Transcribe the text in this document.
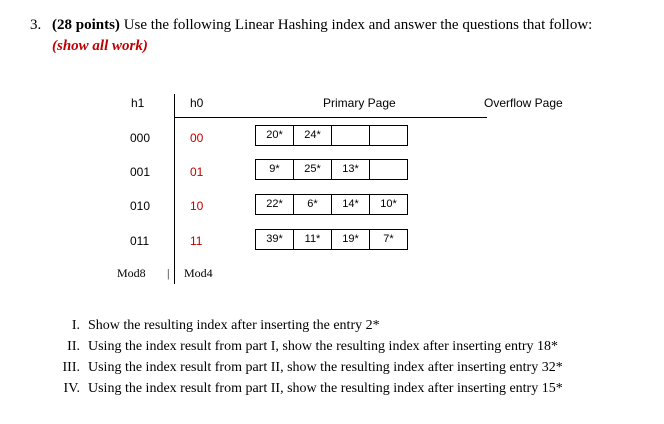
3. (28 points) Use the following Linear Hashing index and answer the questions that follow:
(show all work)
h1	h0	Primary Page	Overflow Page
000	00	20*	24*
001	01	9*	25*	13*
010	10	22*	6*	14*	10*
011	11	39*	11*	19*	7*
Mod8 | Mod4
I. Show the resulting index after inserting the entry 2*
II. Using the index result from part I, show the resulting index after inserting entry 18*
III. Using the index result from part II, show the resulting index after inserting entry 32*
IV. Using the index result from part II, show the resulting index after inserting entry 15*
